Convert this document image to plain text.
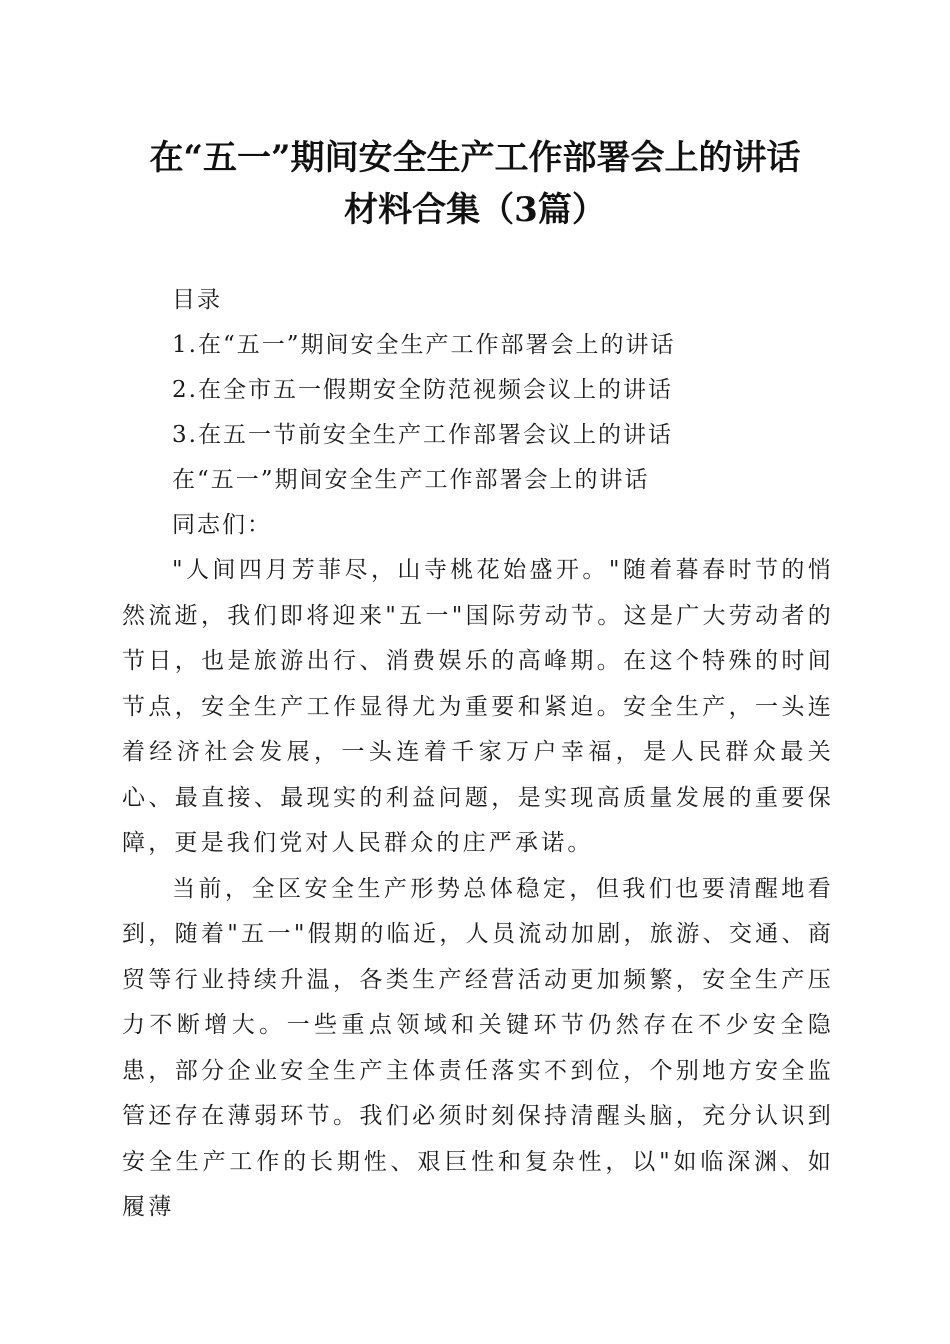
在“五一”期间安全生产工作部署会上的讲话
材料合集（3篇）

目录

1.在“五一”期间安全生产工作部署会上的讲话

2.在全市五一假期安全防范视频会议上的讲话

3.在五一节前安全生产工作部署会议上的讲话

在“五一”期间安全生产工作部署会上的讲话

同志们：

"人间四月芳菲尽，山寺桃花始盛开。"随着暮春时节的悄然流逝，我们即将迎来"五一"国际劳动节。这是广大劳动者的节日，也是旅游出行、消费娱乐的高峰期。在这个特殊的时间节点，安全生产工作显得尤为重要和紧迫。安全生产，一头连着经济社会发展，一头连着千家万户幸福，是人民群众最关心、最直接、最现实的利益问题，是实现高质量发展的重要保障，更是我们党对人民群众的庄严承诺。

当前，全区安全生产形势总体稳定，但我们也要清醒地看到，随着"五一"假期的临近，人员流动加剧，旅游、交通、商贸等行业持续升温，各类生产经营活动更加频繁，安全生产压力不断增大。一些重点领域和关键环节仍然存在不少安全隐患，部分企业安全生产主体责任落实不到位，个别地方安全监管还存在薄弱环节。我们必须时刻保持清醒头脑，充分认识到安全生产工作的长期性、艰巨性和复杂性，以"如临深渊、如履薄
